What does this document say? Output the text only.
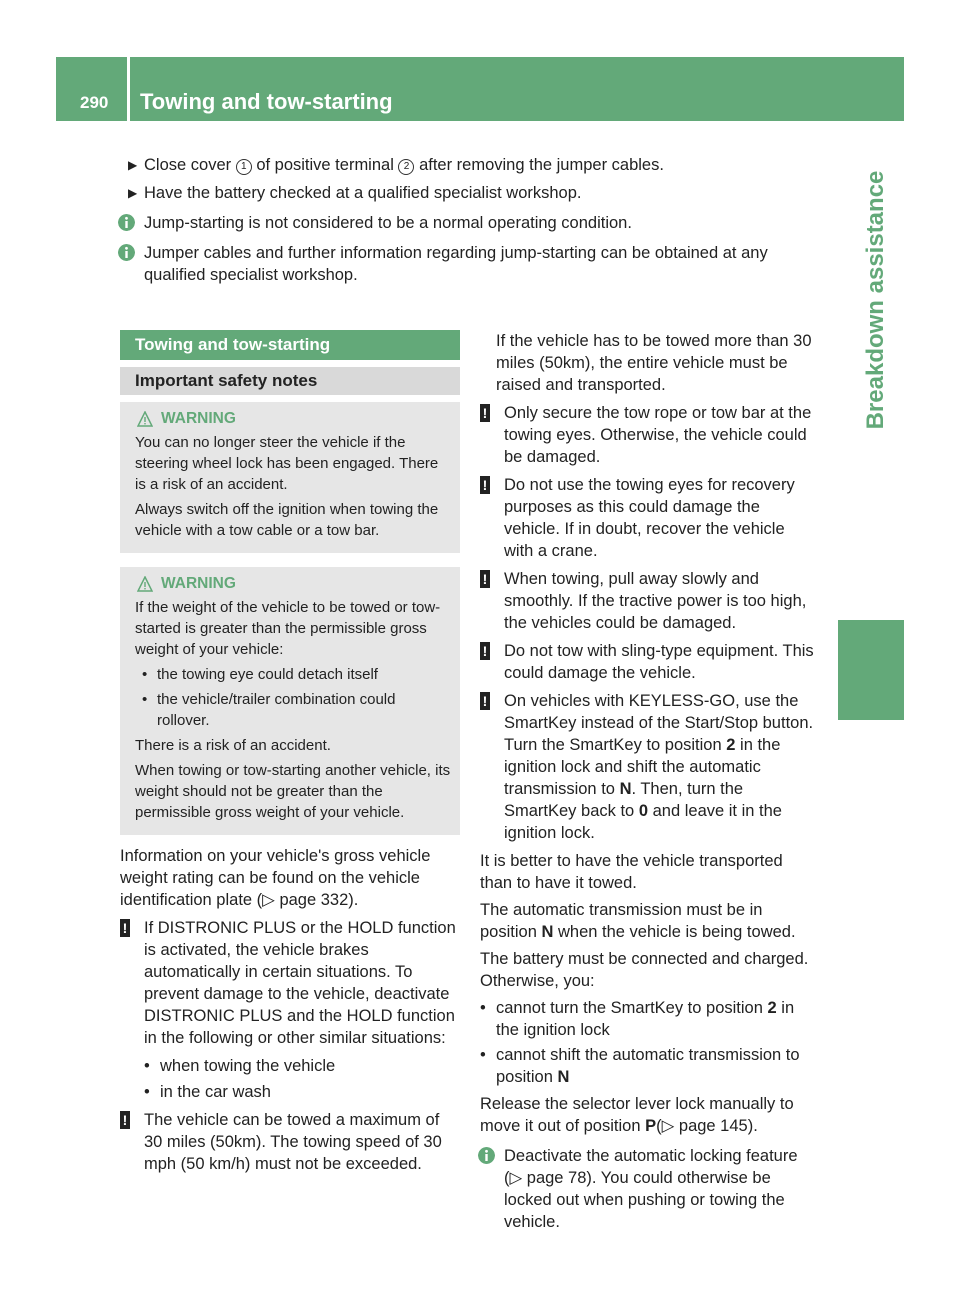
290 Towing and tow-starting
Breakdown assistance
▶ Close cover 1 of positive terminal 2 after removing the jumper cables.
▶ Have the battery checked at a qualified specialist workshop.
Jump-starting is not considered to be a normal operating condition.
Jumper cables and further information regarding jump-starting can be obtained at any qualified specialist workshop.
Towing and tow-starting
Important safety notes
WARNING

You can no longer steer the vehicle if the steering wheel lock has been engaged. There is a risk of an accident.

Always switch off the ignition when towing the vehicle with a tow cable or a tow bar.

WARNING

If the weight of the vehicle to be towed or tow-started is greater than the permissible gross weight of your vehicle:

• the towing eye could detach itself
• the vehicle/trailer combination could rollover.

There is a risk of an accident.

When towing or tow-starting another vehicle, its weight should not be greater than the permissible gross weight of your vehicle.

Information on your vehicle's gross vehicle weight rating can be found on the vehicle identification plate (▷ page 332).

! If DISTRONIC PLUS or the HOLD function is activated, the vehicle brakes automatically in certain situations. To prevent damage to the vehicle, deactivate DISTRONIC PLUS and the HOLD function in the following or other similar situations:
• when towing the vehicle
• in the car wash
! The vehicle can be towed a maximum of 30 miles (50km). The towing speed of 30 mph (50 km/h) must not be exceeded.
If the vehicle has to be towed more than 30 miles (50km), the entire vehicle must be raised and transported.
! Only secure the tow rope or tow bar at the towing eyes. Otherwise, the vehicle could be damaged.
! Do not use the towing eyes for recovery purposes as this could damage the vehicle. If in doubt, recover the vehicle with a crane.
! When towing, pull away slowly and smoothly. If the tractive power is too high, the vehicles could be damaged.
! Do not tow with sling-type equipment. This could damage the vehicle.
! On vehicles with KEYLESS-GO, use the SmartKey instead of the Start/Stop button. Turn the SmartKey to position 2 in the ignition lock and shift the automatic transmission to N. Then, turn the SmartKey back to 0 and leave it in the ignition lock.

It is better to have the vehicle transported than to have it towed.

The automatic transmission must be in position N when the vehicle is being towed.

The battery must be connected and charged. Otherwise, you:

• cannot turn the SmartKey to position 2 in the ignition lock
• cannot shift the automatic transmission to position N

Release the selector lever lock manually to move it out of position P(▷ page 145).

Deactivate the automatic locking feature (▷ page 78). You could otherwise be locked out when pushing or towing the vehicle.
